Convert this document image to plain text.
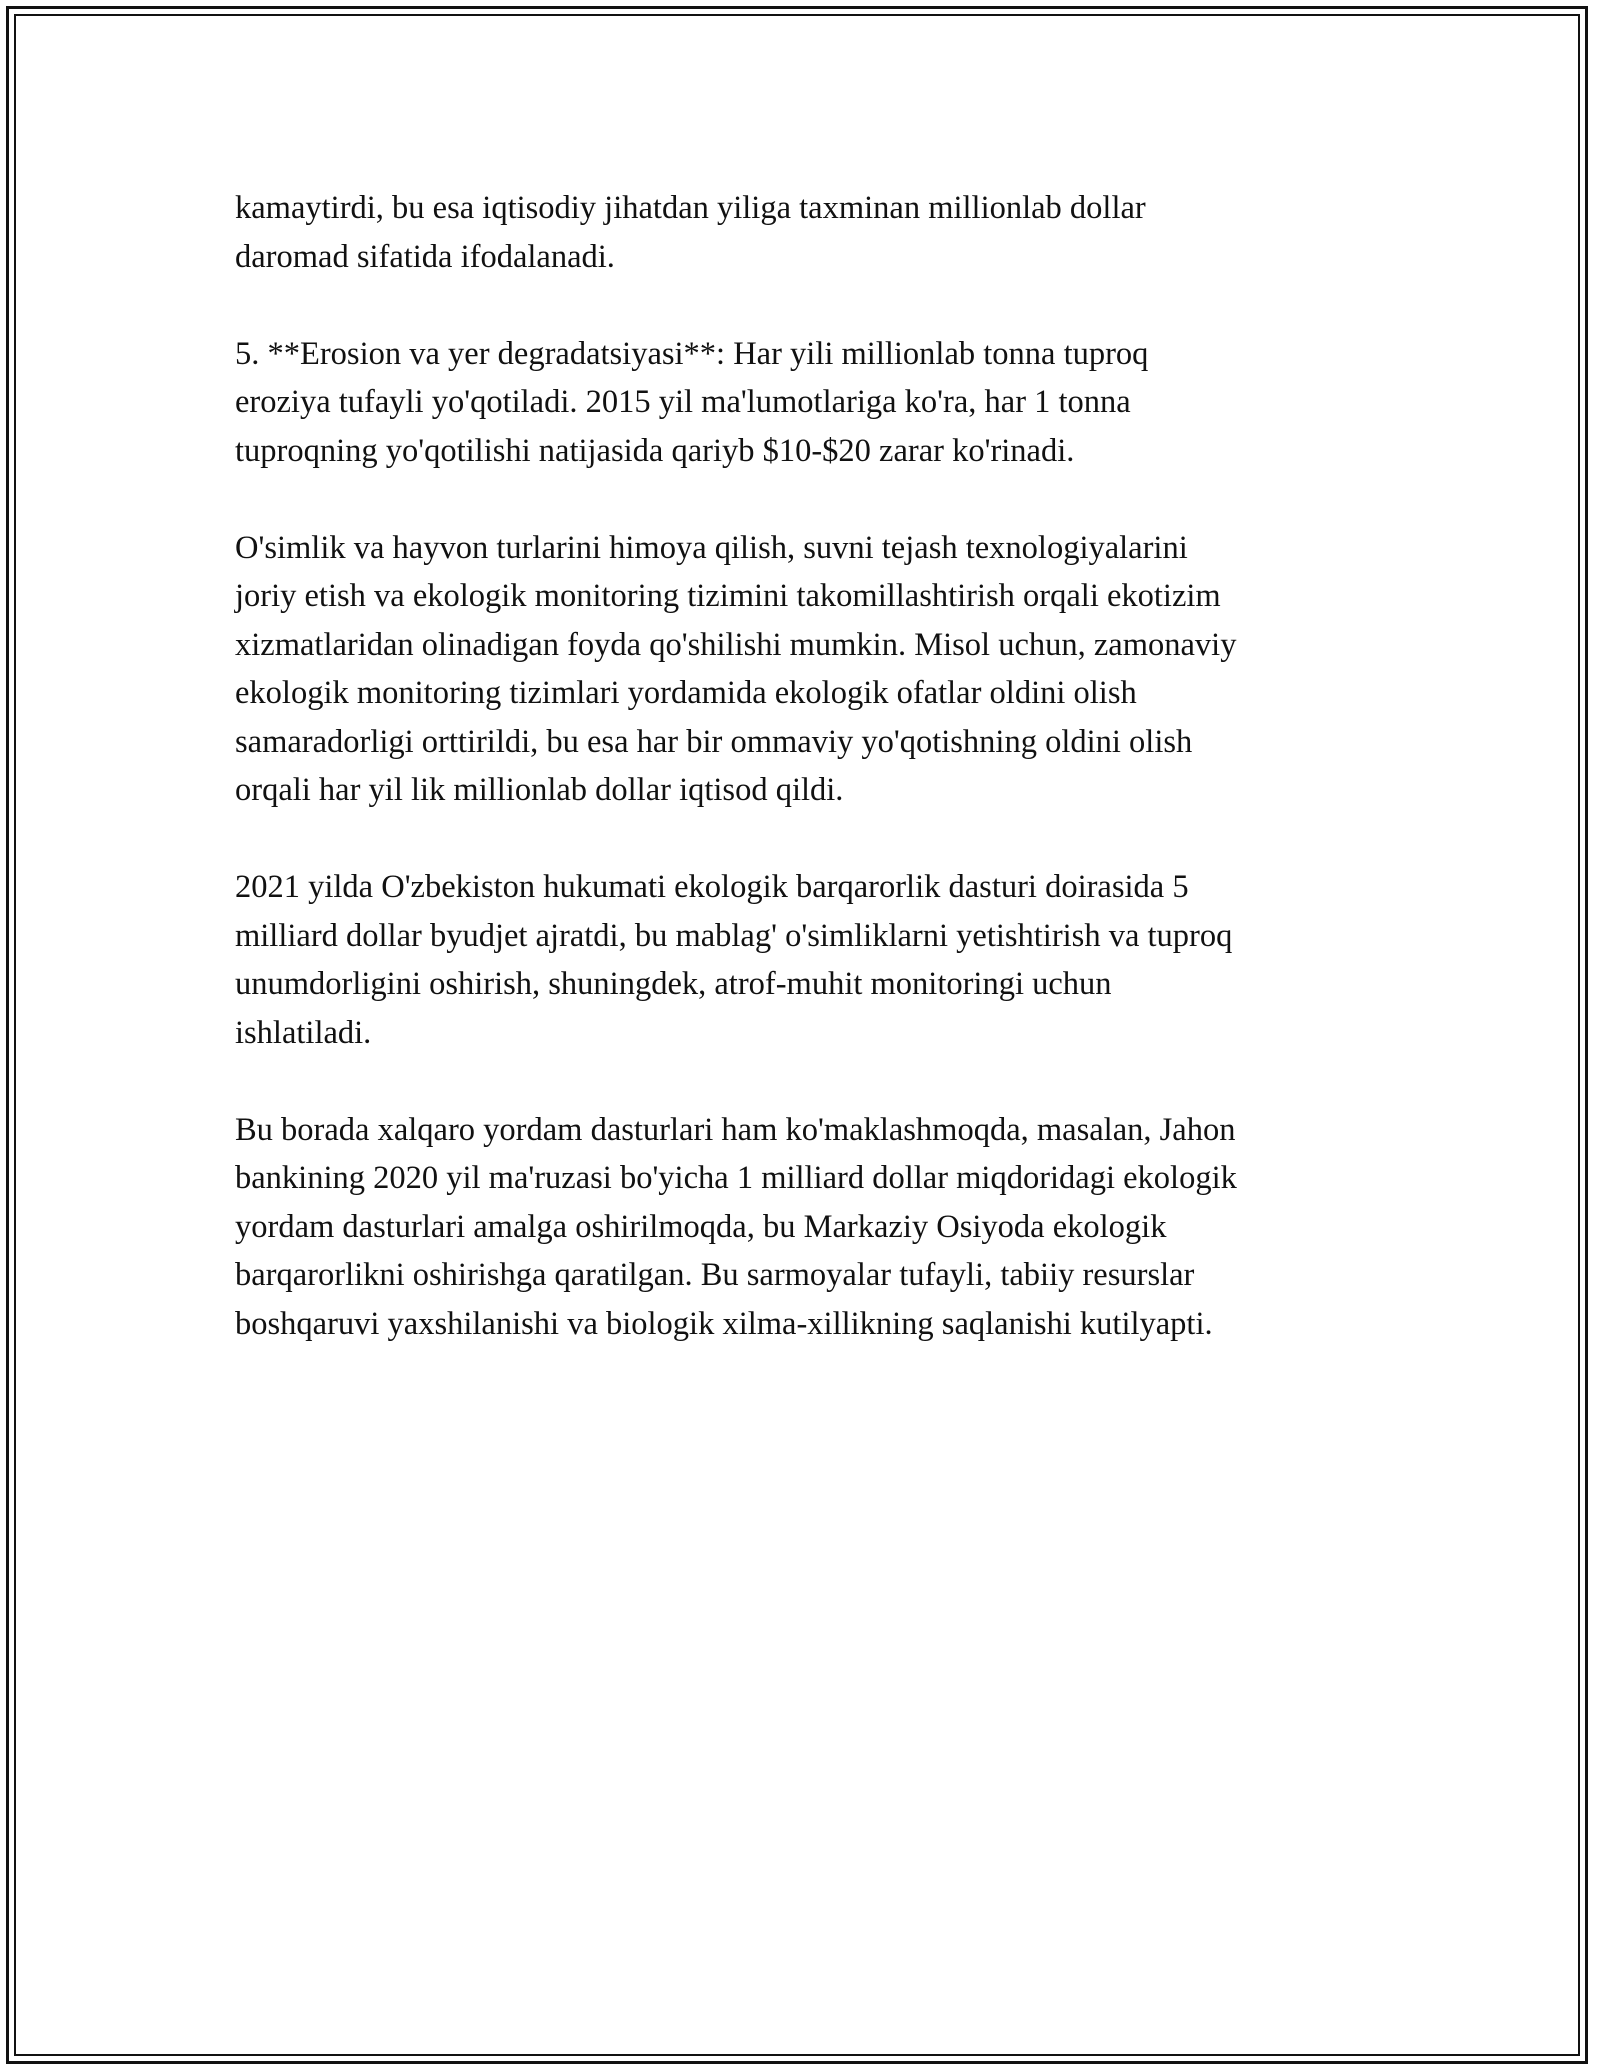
kamaytirdi, bu esa iqtisodiy jihatdan yiliga taxminan millionlab dollar
daromad sifatida ifodalanadi.

5. **Erosion va yer degradatsiyasi**: Har yili millionlab tonna tuproq
eroziya tufayli yo'qotiladi. 2015 yil ma'lumotlariga ko'ra, har 1 tonna
tuproqning yo'qotilishi natijasida qariyb $10-$20 zarar ko'rinadi.

O'simlik va hayvon turlarini himoya qilish, suvni tejash texnologiyalarini
joriy etish va ekologik monitoring tizimini takomillashtirish orqali ekotizim
xizmatlaridan olinadigan foyda qo'shilishi mumkin. Misol uchun, zamonaviy
ekologik monitoring tizimlari yordamida ekologik ofatlar oldini olish
samaradorligi orttirildi, bu esa har bir ommaviy yo'qotishning oldini olish
orqali har yil lik millionlab dollar iqtisod qildi.

2021 yilda O'zbekiston hukumati ekologik barqarorlik dasturi doirasida 5
milliard dollar byudjet ajratdi, bu mablag' o'simliklarni yetishtirish va tuproq
unumdorligini oshirish, shuningdek, atrof-muhit monitoringi uchun
ishlatiladi.

Bu borada xalqaro yordam dasturlari ham ko'maklashmoqda, masalan, Jahon
bankining 2020 yil ma'ruzasi bo'yicha 1 milliard dollar miqdoridagi ekologik
yordam dasturlari amalga oshirilmoqda, bu Markaziy Osiyoda ekologik
barqarorlikni oshirishga qaratilgan. Bu sarmoyalar tufayli, tabiiy resurslar
boshqaruvi yaxshilanishi va biologik xilma-xillikning saqlanishi kutilyapti.
